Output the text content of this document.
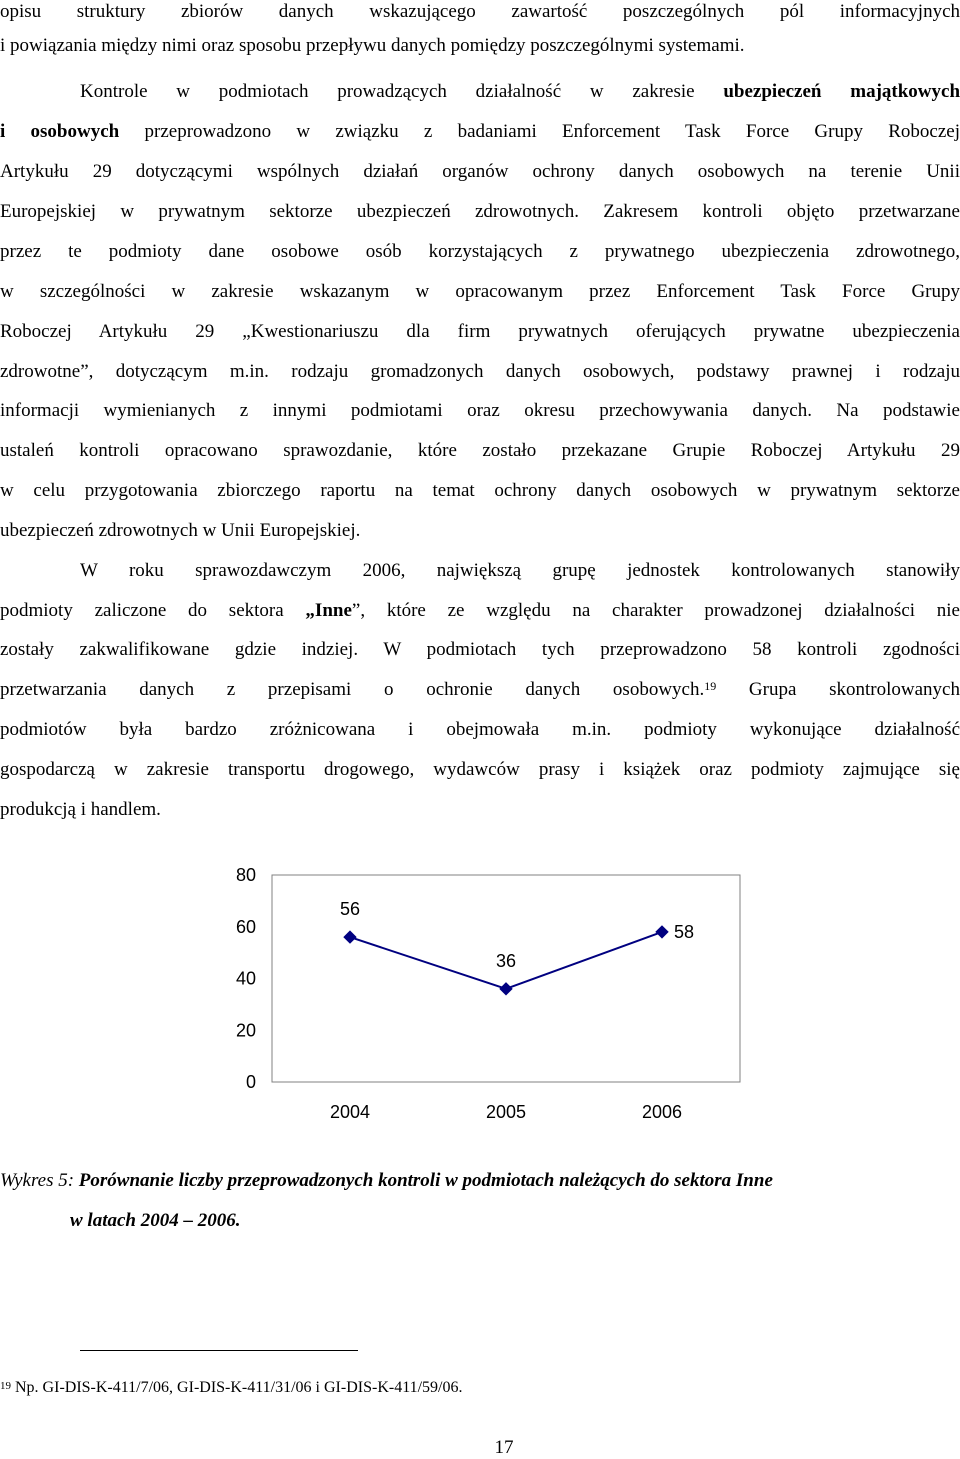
opisu struktury zbiorów danych wskazującego zawartość poszczególnych pól informacyjnych
i powiązania między nimi oraz sposobu przepływu danych pomiędzy poszczególnymi systemami.
Kontrole w podmiotach prowadzących działalność w zakresie ubezpieczeń majątkowych
i osobowych przeprowadzono w związku z badaniami Enforcement Task Force Grupy Roboczej
Artykułu 29 dotyczącymi wspólnych działań organów ochrony danych osobowych na terenie Unii
Europejskiej w prywatnym sektorze ubezpieczeń zdrowotnych. Zakresem kontroli objęto przetwarzane
przez te podmioty dane osobowe osób korzystających z prywatnego ubezpieczenia zdrowotnego,
w szczególności w zakresie wskazanym w opracowanym przez Enforcement Task Force Grupy
Roboczej Artykułu 29 „Kwestionariuszu dla firm prywatnych oferujących prywatne ubezpieczenia
zdrowotne”, dotyczącym m.in. rodzaju gromadzonych danych osobowych, podstawy prawnej i rodzaju
informacji wymienianych z innymi podmiotami oraz okresu przechowywania danych. Na podstawie
ustaleń kontroli opracowano sprawozdanie, które zostało przekazane Grupie Roboczej Artykułu 29
w celu przygotowania zbiorczego raportu na temat ochrony danych osobowych w prywatnym sektorze
ubezpieczeń zdrowotnych w Unii Europejskiej.
W roku sprawozdawczym 2006, największą grupę jednostek kontrolowanych stanowiły
podmioty zaliczone do sektora „Inne”, które ze względu na charakter prowadzonej działalności nie
zostały zakwalifikowane gdzie indziej. W podmiotach tych przeprowadzono 58 kontroli zgodności
przetwarzania danych z przepisami o ochronie danych osobowych.$^{19}$ Grupa skontrolowanych
podmiotów była bardzo zróżnicowana i obejmowała m.in. podmioty wykonujące działalność
gospodarczą w zakresie transportu drogowego, wydawców prasy i książek oraz podmioty zajmujące się
produkcją i handlem.
80
60
40
20
0
2004	2005	2006
56
36
58
Wykres 5: Porównanie liczby przeprowadzonych kontroli w podmiotach należących do sektora Inne
w latach 2004 – 2006.
$^{19}$ Np. GI-DIS-K-411/7/06, GI-DIS-K-411/31/06 i GI-DIS-K-411/59/06.
17
